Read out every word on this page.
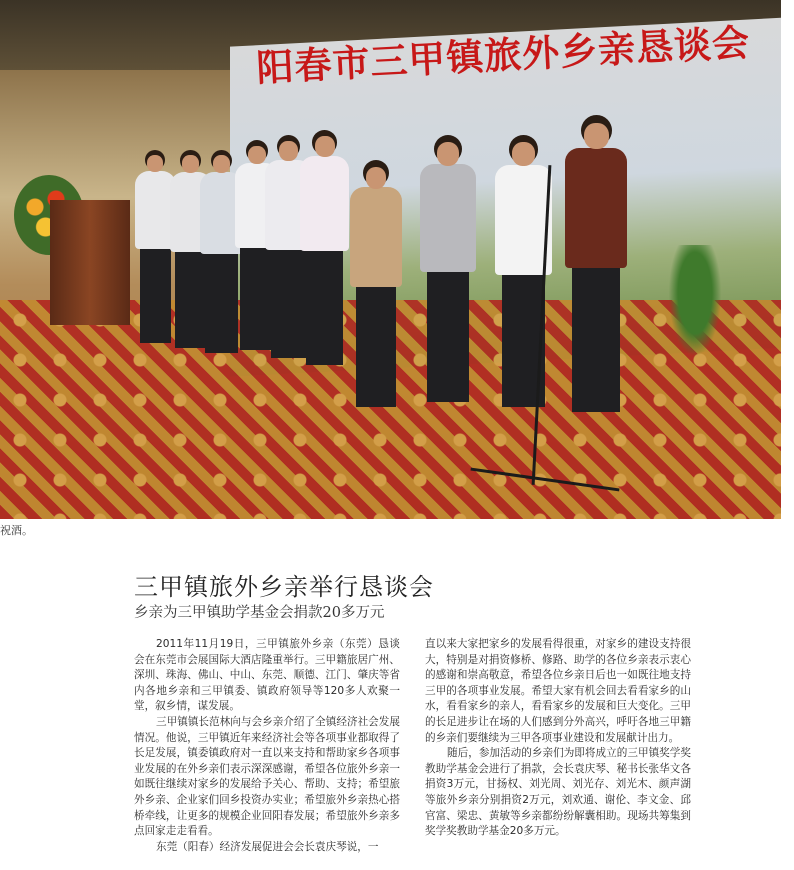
阳春市三甲镇旅外乡亲恳谈会
祝酒。
三甲镇旅外乡亲举行恳谈会
乡亲为三甲镇助学基金会捐款20多万元

2011年11月19日，三甲镇旅外乡亲（东莞）恳谈会在东莞市会展国际大酒店隆重举行。三甲籍旅居广州、深圳、珠海、佛山、中山、东莞、顺德、江门、肇庆等省内各地乡亲和三甲镇委、镇政府领导等120多人欢聚一堂，叙乡情，谋发展。

三甲镇镇长范林向与会乡亲介绍了全镇经济社会发展情况。他说，三甲镇近年来经济社会等各项事业都取得了长足发展，镇委镇政府对一直以来支持和帮助家乡各项事业发展的在外乡亲们表示深深感谢，希望各位旅外乡亲一如既往继续对家乡的发展给予关心、帮助、支持；希望旅外乡亲、企业家们回乡投资办实业；希望旅外乡亲热心搭桥牵线，让更多的规模企业回阳春发展；希望旅外乡亲多点回家走走看看。

东莞（阳春）经济发展促进会会长袁庆琴说，一

直以来大家把家乡的发展看得很重，对家乡的建设支持很大，特别是对捐资修桥、修路、助学的各位乡亲表示衷心的感谢和崇高敬意，希望各位乡亲日后也一如既往地支持三甲的各项事业发展。希望大家有机会回去看看家乡的山水，看看家乡的亲人，看看家乡的发展和巨大变化。三甲的长足进步让在场的人们感到分外高兴，呼吁各地三甲籍的乡亲们要继续为三甲各项事业建设和发展献计出力。

随后，参加活动的乡亲们为即将成立的三甲镇奖学奖教助学基金会进行了捐款，会长袁庆琴、秘书长张华文各捐资3万元，甘扬权、刘光周、刘光存、刘光木、颜声湖等旅外乡亲分别捐资2万元，刘欢通、谢伦、李文金、邱官富、梁忠、黄敏等乡亲都纷纷解囊相助。现场共筹集到奖学奖教助学基金20多万元。
